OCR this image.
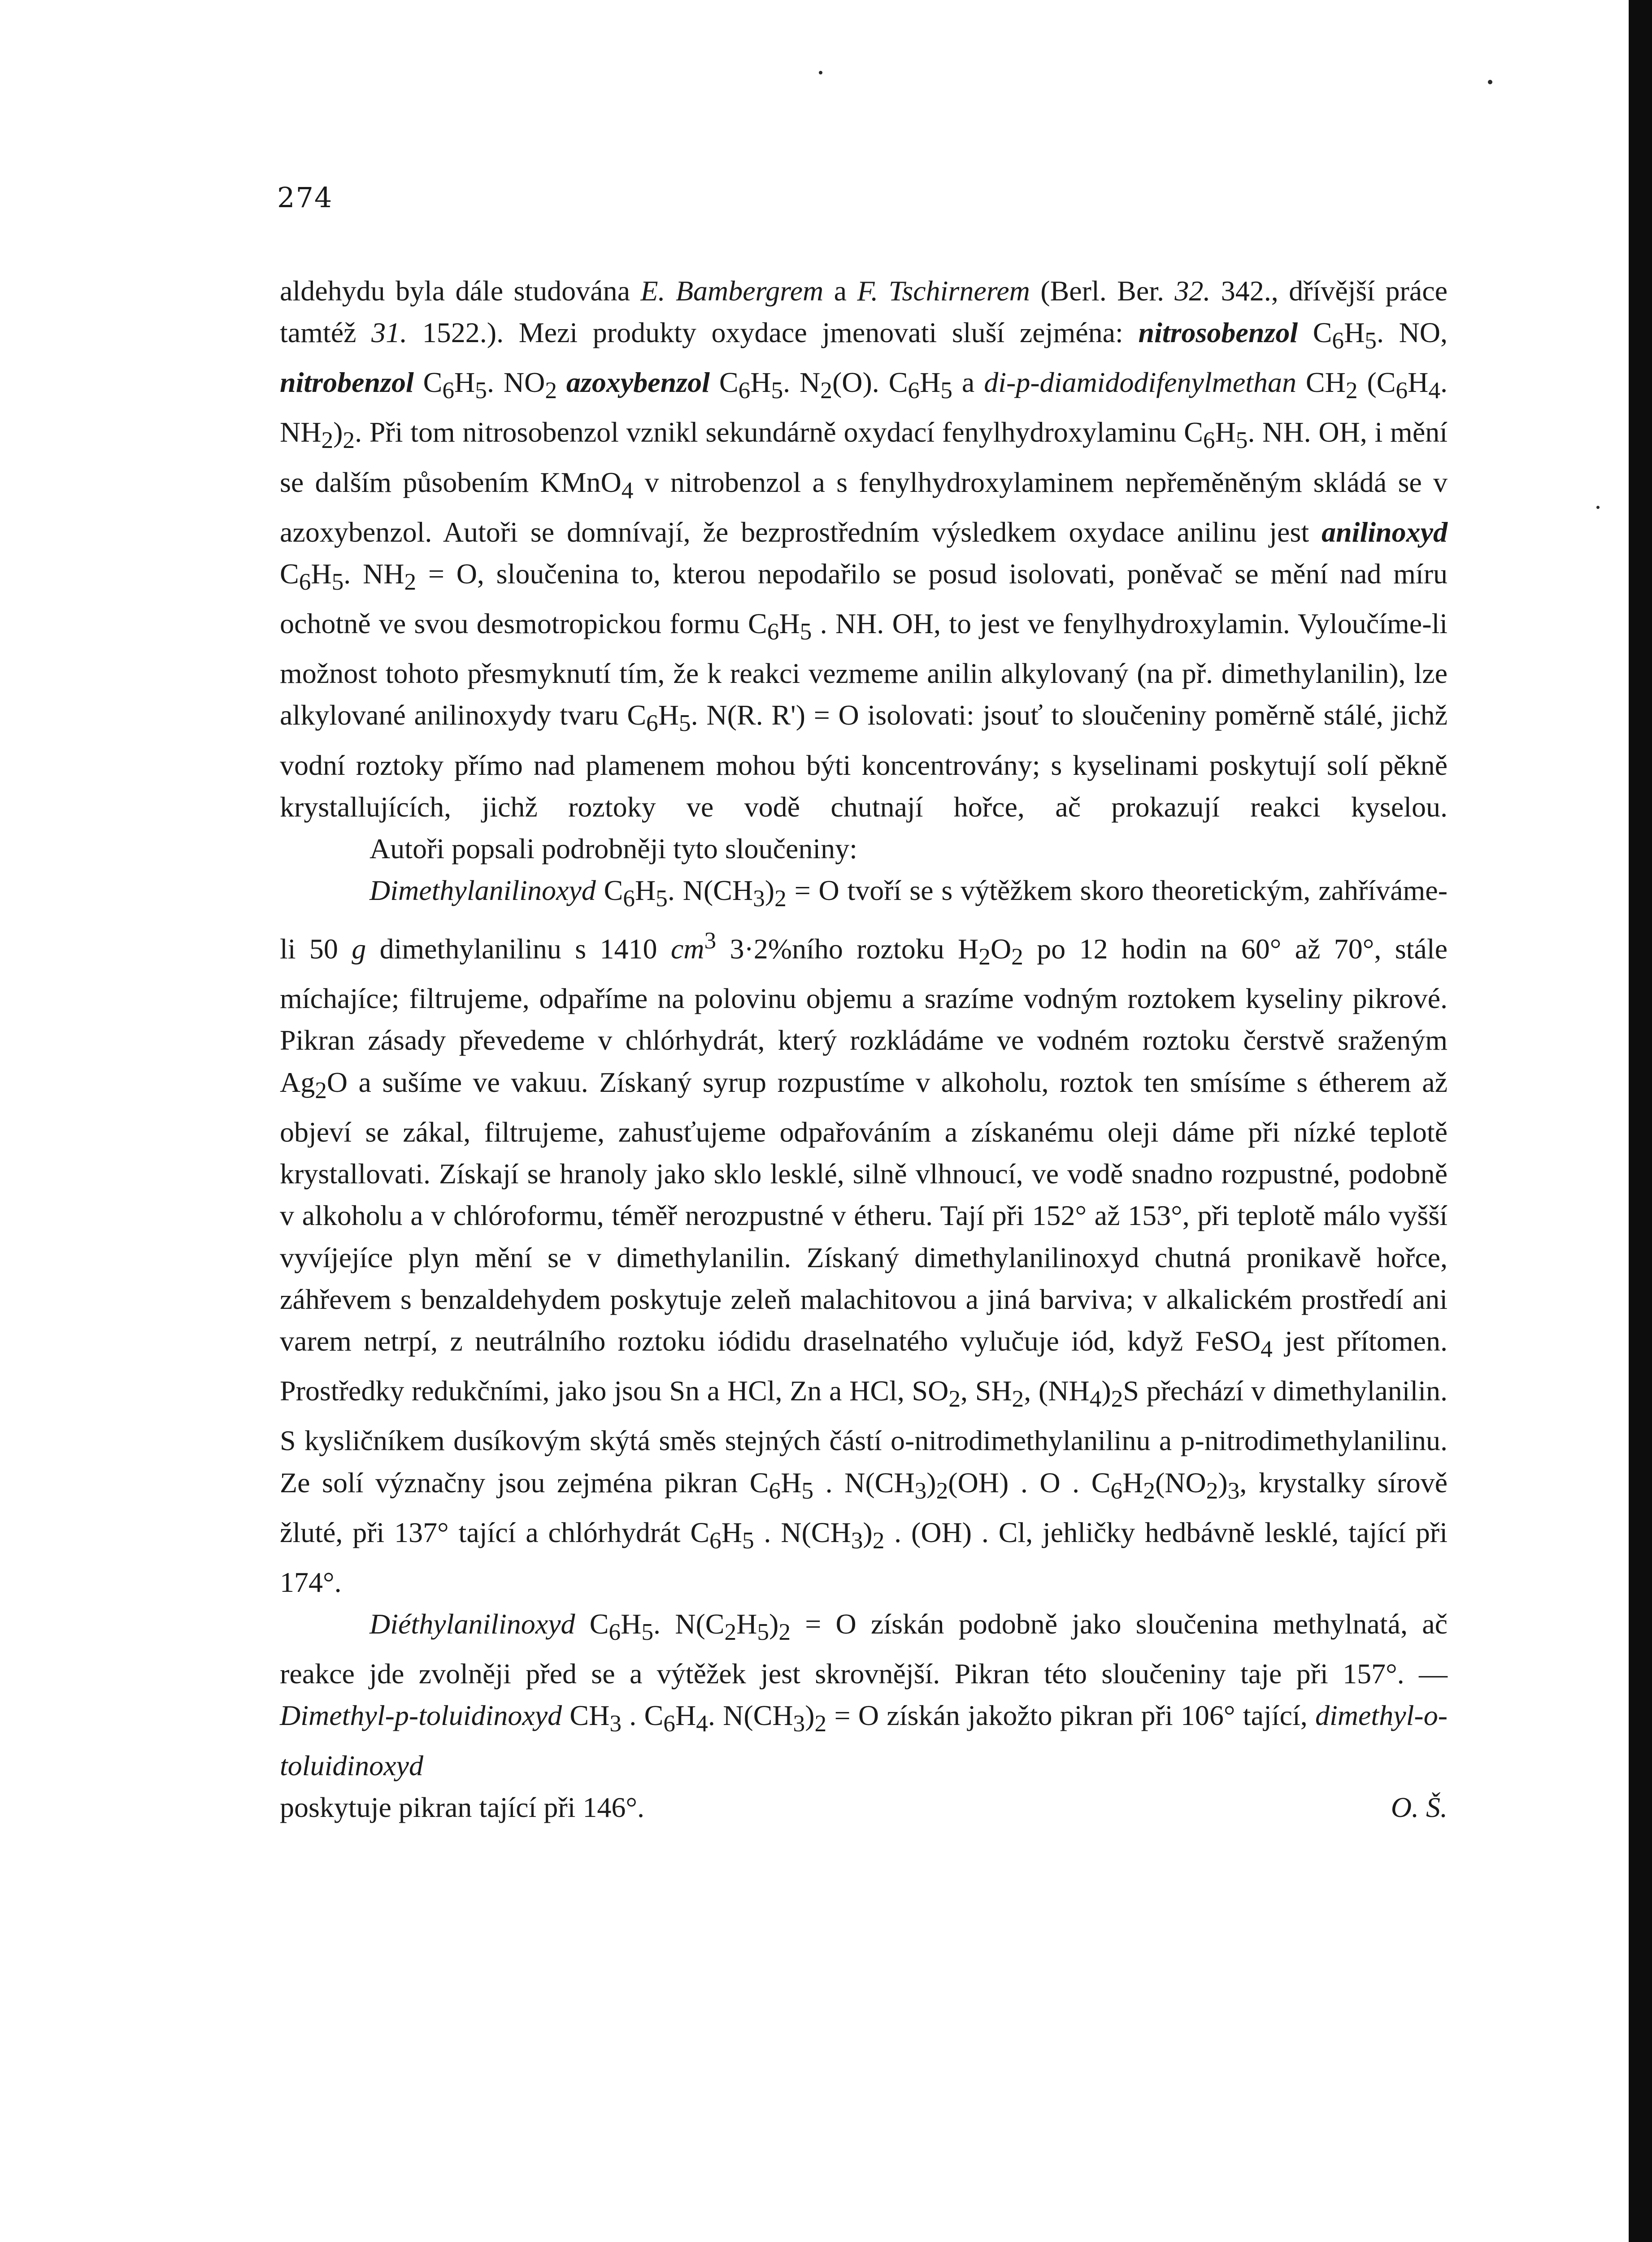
274

aldehydu byla dále studována E. Bambergrem a F. Tschirnerem (Berl. Ber. 32. 342., dřívější práce tamtéž 31. 1522.). Mezi produkty oxydace jmenovati sluší zejména: nitrosobenzol $C_6H_5$. NO, nitrobenzol $C_6H_5$. $NO_2$ azoxybenzol $C_6H_5$. $N_2(O)$. $C_6H_5$ a di-p-diamidodifenylmethan $CH_2$ ($C_6H_4$. $NH_2)_2$. Při tom nitrosobenzol vznikl sekundárně oxydací fenylhydroxylaminu $C_6H_5$. NH. OH, i mění se dalším působením KMnO$_4$ v nitrobenzol a s fenylhydroxylaminem nepřeměněným skládá se v azoxybenzol. Autoři se domnívají, že bezprostředním výsledkem oxydace anilinu jest anilinoxyd $C_6H_5$. $NH_2 = O$, sloučenina to, kterou nepodařilo se posud isolovati, poněvač se mění nad míru ochotně ve svou desmotropickou formu $C_6H_5$ . NH. OH, to jest ve fenylhydroxylamin. Vyloučíme-li možnost tohoto přesmyknutí tím, že k reakci vezmeme anilin alkylovaný (na př. dimethylanilin), lze alkylované anilinoxydy tvaru $C_6H_5$. N(R. R') = O isolovati: jsouť to sloučeniny poměrně stálé, jichž vodní roztoky přímo nad plamenem mohou býti koncentrovány; s kyselinami poskytují solí pěkně krystallujících, jichž roztoky ve vodě chutnají hořce, ač prokazují reakci kyselou.

Autoři popsali podrobněji tyto sloučeniny:

Dimethylanilinoxyd $C_6H_5$. $N(CH_3)_2 = O$ tvoří se s výtěžkem skoro theoretickým, zahříváme-li 50 g dimethylanilinu s 1410 $cm^3$ 3·2%ního roztoku $H_2O_2$ po 12 hodin na 60° až 70°, stále míchajíce; filtrujeme, odpaříme na polovinu objemu a srazíme vodným roztokem kyseliny pikrové. Pikran zásady převedeme v chlórhydrát, který rozkládáme ve vodném roztoku čerstvě sraženým $Ag_2O$ a sušíme ve vakuu. Získaný syrup rozpustíme v alkoholu, roztok ten smísíme s étherem až objeví se zákal, filtrujeme, zahusťujeme odpařováním a získanému oleji dáme při nízké teplotě krystallovati. Získají se hranoly jako sklo lesklé, silně vlhnoucí, ve vodě snadno rozpustné, podobně v alkoholu a v chlóroformu, téměř nerozpustné v étheru. Tají při 152° až 153°, při teplotě málo vyšší vyvíjejíce plyn mění se v dimethylanilin. Získaný dimethylanilinoxyd chutná pronikavě hořce, záhřevem s benzaldehydem poskytuje zeleň malachitovou a jiná barviva; v alkalickém prostředí ani varem netrpí, z neutrálního roztoku iódidu draselnatého vylučuje iód, když FeSO$_4$ jest přítomen. Prostředky redukčními, jako jsou Sn a HCl, Zn a HCl, $SO_2$, $SH_2$, $(NH_4)_2S$ přechází v dimethylanilin. S kysličníkem dusíkovým skýtá směs stejných částí o-nitrodimethylanilinu a p-nitrodimethylanilinu. Ze solí význačny jsou zejména pikran $C_6H_5$ . $N(CH_3)_2(OH)$ . O . $C_6H_2(NO_2)_3$, krystalky sírově žluté, při 137° tající a chlórhydrát $C_6H_5$ . $N(CH_3)_2$ . (OH) . Cl, jehličky hedbávně lesklé, tající při 174°.

Diéthylanilinoxyd $C_6H_5$. $N(C_2H_5)_2 = O$ získán podobně jako sloučenina methylnatá, ač reakce jde zvolněji před se a výtěžek jest skrovnější. Pikran této sloučeniny taje při 157°. — Dimethyl-p-toluidinoxyd $CH_3$ . $C_6H_4$. $N(CH_3)_2 = O$ získán jakožto pikran při 106° tající, dimethyl-o-toluidinoxyd

poskytuje pikran tající při 146°.	O. Š.
